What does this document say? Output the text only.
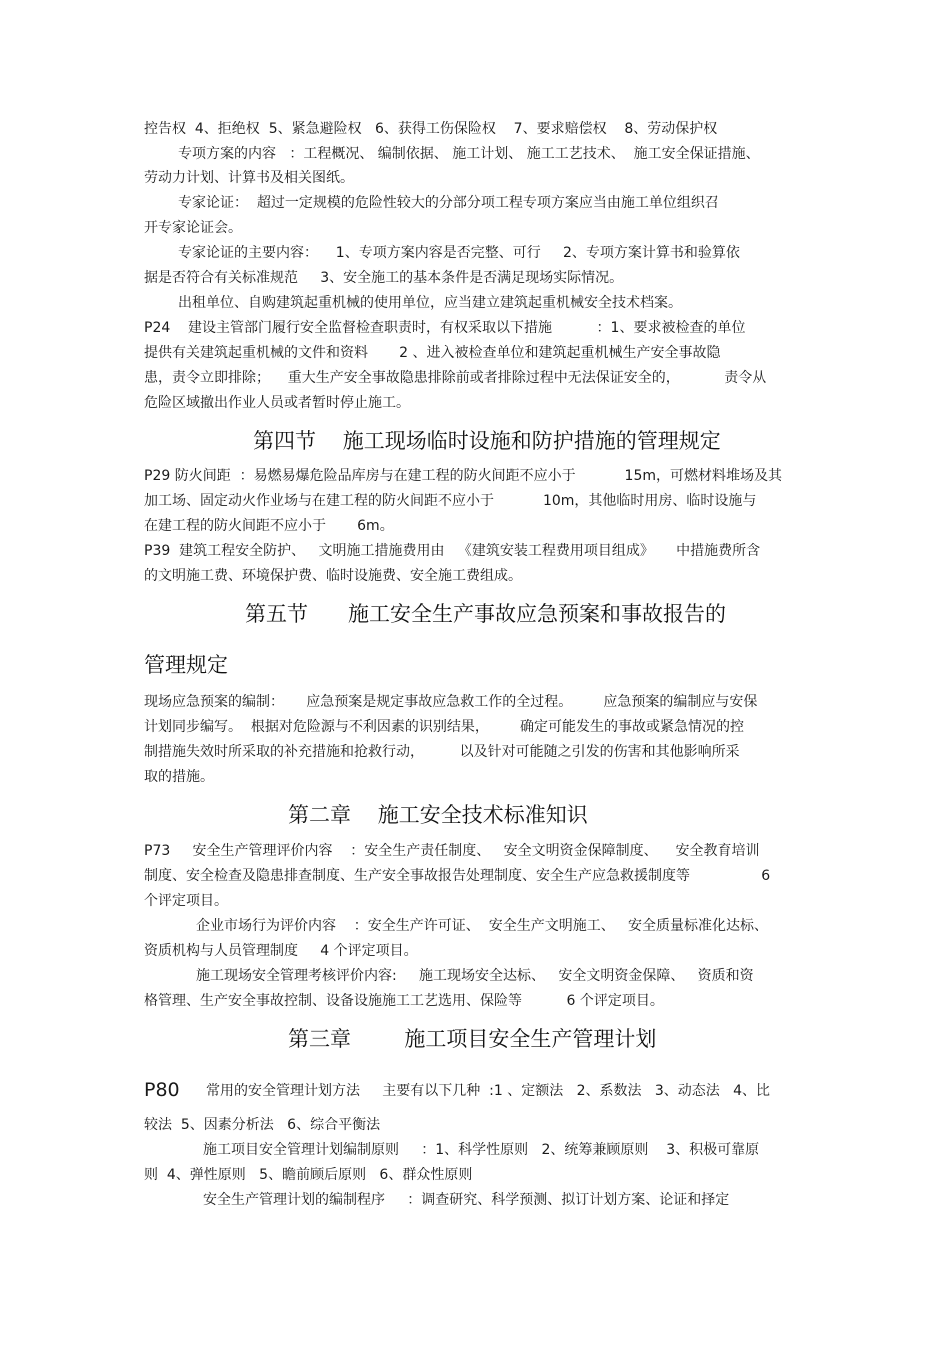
控告权  4、拒绝权  5、紧急避险权   6、获得工伤保险权    7、要求赔偿权    8、劳动保护权
专项方案的内容   ：工程概况、 编制依据、 施工计划、 施工工艺技术、  施工安全保证措施、
劳动力计划、计算书及相关图纸。
专家论证：  超过一定规模的危险性较大的分部分项工程专项方案应当由施工单位组织召
开专家论证会。
专家论证的主要内容：    1、专项方案内容是否完整、可行     2、专项方案计算书和验算依
据是否符合有关标准规范     3、安全施工的基本条件是否满足现场实际情况。
出租单位、自购建筑起重机械的使用单位，应当建立建筑起重机械安全技术档案。
P24    建设主管部门履行安全监督检查职责时，有权采取以下措施          ：1、要求被检查的单位
提供有关建筑起重机械的文件和资料       2 、进入被检查单位和建筑起重机械生产安全事故隐
患，责令立即排除；    重大生产安全事故隐患排除前或者排除过程中无法保证安全的，          责令从
危险区域撤出作业人员或者暂时停止施工。
第四节    施工现场临时设施和防护措施的管理规定
P29 防火间距  ：易燃易爆危险品库房与在建工程的防火间距不应小于           15m，可燃材料堆场及其
加工场、固定动火作业场与在建工程的防火间距不应小于           10m，其他临时用房、临时设施与
在建工程的防火间距不应小于       6m。
P39  建筑工程安全防护、   文明施工措施费用由   《建筑安装工程费用项目组成》     中措施费所含
的文明施工费、环境保护费、临时设施费、安全施工费组成。
第五节      施工安全生产事故应急预案和事故报告的
管理规定
现场应急预案的编制：     应急预案是规定事故应急救工作的全过程。       应急预案的编制应与安保
计划同步编写。  根据对危险源与不利因素的识别结果，       确定可能发生的事故或紧急情况的控
制措施失效时所采取的补充措施和抢救行动，        以及针对可能随之引发的伤害和其他影响所采
取的措施。
第二章    施工安全技术标准知识
P73     安全生产管理评价内容    ：安全生产责任制度、   安全文明资金保障制度、    安全教育培训
制度、安全检查及隐患排查制度、生产安全事故报告处理制度、安全生产应急救援制度等                6
个评定项目。
企业市场行为评价内容    ：安全生产许可证、  安全生产文明施工、   安全质量标准化达标、
资质机构与人员管理制度     4 个评定项目。
施工现场安全管理考核评价内容:     施工现场安全达标、   安全文明资金保障、   资质和资
格管理、生产安全事故控制、设备设施施工工艺选用、保险等          6 个评定项目。
第三章        施工项目安全生产管理计划
P80 常用的安全管理计划方法     主要有以下几种  :1 、定额法   2、系数法   3、动态法   4、比
较法  5、因素分析法   6、综合平衡法
施工项目安全管理计划编制原则     ：1、科学性原则   2、统筹兼顾原则    3、积极可靠原
则  4、弹性原则   5、瞻前顾后原则   6、群众性原则
安全生产管理计划的编制程序     ：调查研究、科学预测、拟订计划方案、论证和择定
